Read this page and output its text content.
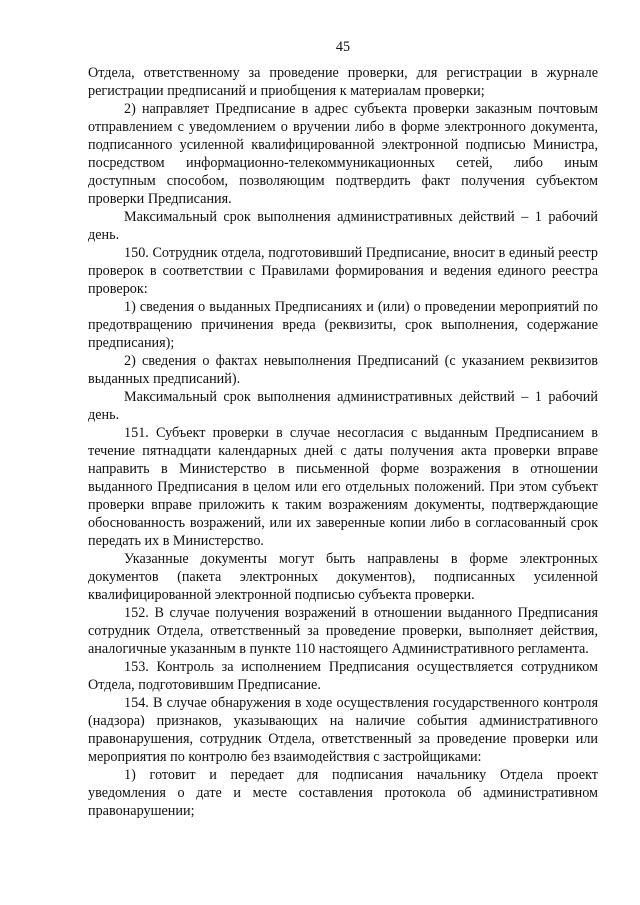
45

Отдела, ответственному за проведение проверки, для регистрации в журнале регистрации предписаний и приобщения к материалам проверки;

2) направляет Предписание в адрес субъекта проверки заказным почтовым отправлением с уведомлением о вручении либо в форме электронного документа, подписанного усиленной квалифицированной электронной подписью Министра, посредством информационно-телекоммуникационных сетей, либо иным доступным способом, позволяющим подтвердить факт получения субъектом проверки Предписания.

Максимальный срок выполнения административных действий – 1 рабочий день.

150. Сотрудник отдела, подготовивший Предписание, вносит в единый реестр проверок в соответствии с Правилами формирования и ведения единого реестра проверок:

1) сведения о выданных Предписаниях и (или) о проведении мероприятий по предотвращению причинения вреда (реквизиты, срок выполнения, содержание предписания);

2) сведения о фактах невыполнения Предписаний (с указанием реквизитов выданных предписаний).

Максимальный срок выполнения административных действий – 1 рабочий день.

151. Субъект проверки в случае несогласия с выданным Предписанием в течение пятнадцати календарных дней с даты получения акта проверки вправе направить в Министерство в письменной форме возражения в отношении выданного Предписания в целом или его отдельных положений. При этом субъект проверки вправе приложить к таким возражениям документы, подтверждающие обоснованность возражений, или их заверенные копии либо в согласованный срок передать их в Министерство.

Указанные документы могут быть направлены в форме электронных документов (пакета электронных документов), подписанных усиленной квалифицированной электронной подписью субъекта проверки.

152. В случае получения возражений в отношении выданного Предписания сотрудник Отдела, ответственный за проведение проверки, выполняет действия, аналогичные указанным в пункте 110 настоящего Административного регламента.

153. Контроль за исполнением Предписания осуществляется сотрудником Отдела, подготовившим Предписание.

154. В случае обнаружения в ходе осуществления государственного контроля (надзора) признаков, указывающих на наличие события административного правонарушения, сотрудник Отдела, ответственный за проведение проверки или мероприятия по контролю без взаимодействия с застройщиками:

1) готовит и передает для подписания начальнику Отдела проект уведомления о дате и месте составления протокола об административном правонарушении;
